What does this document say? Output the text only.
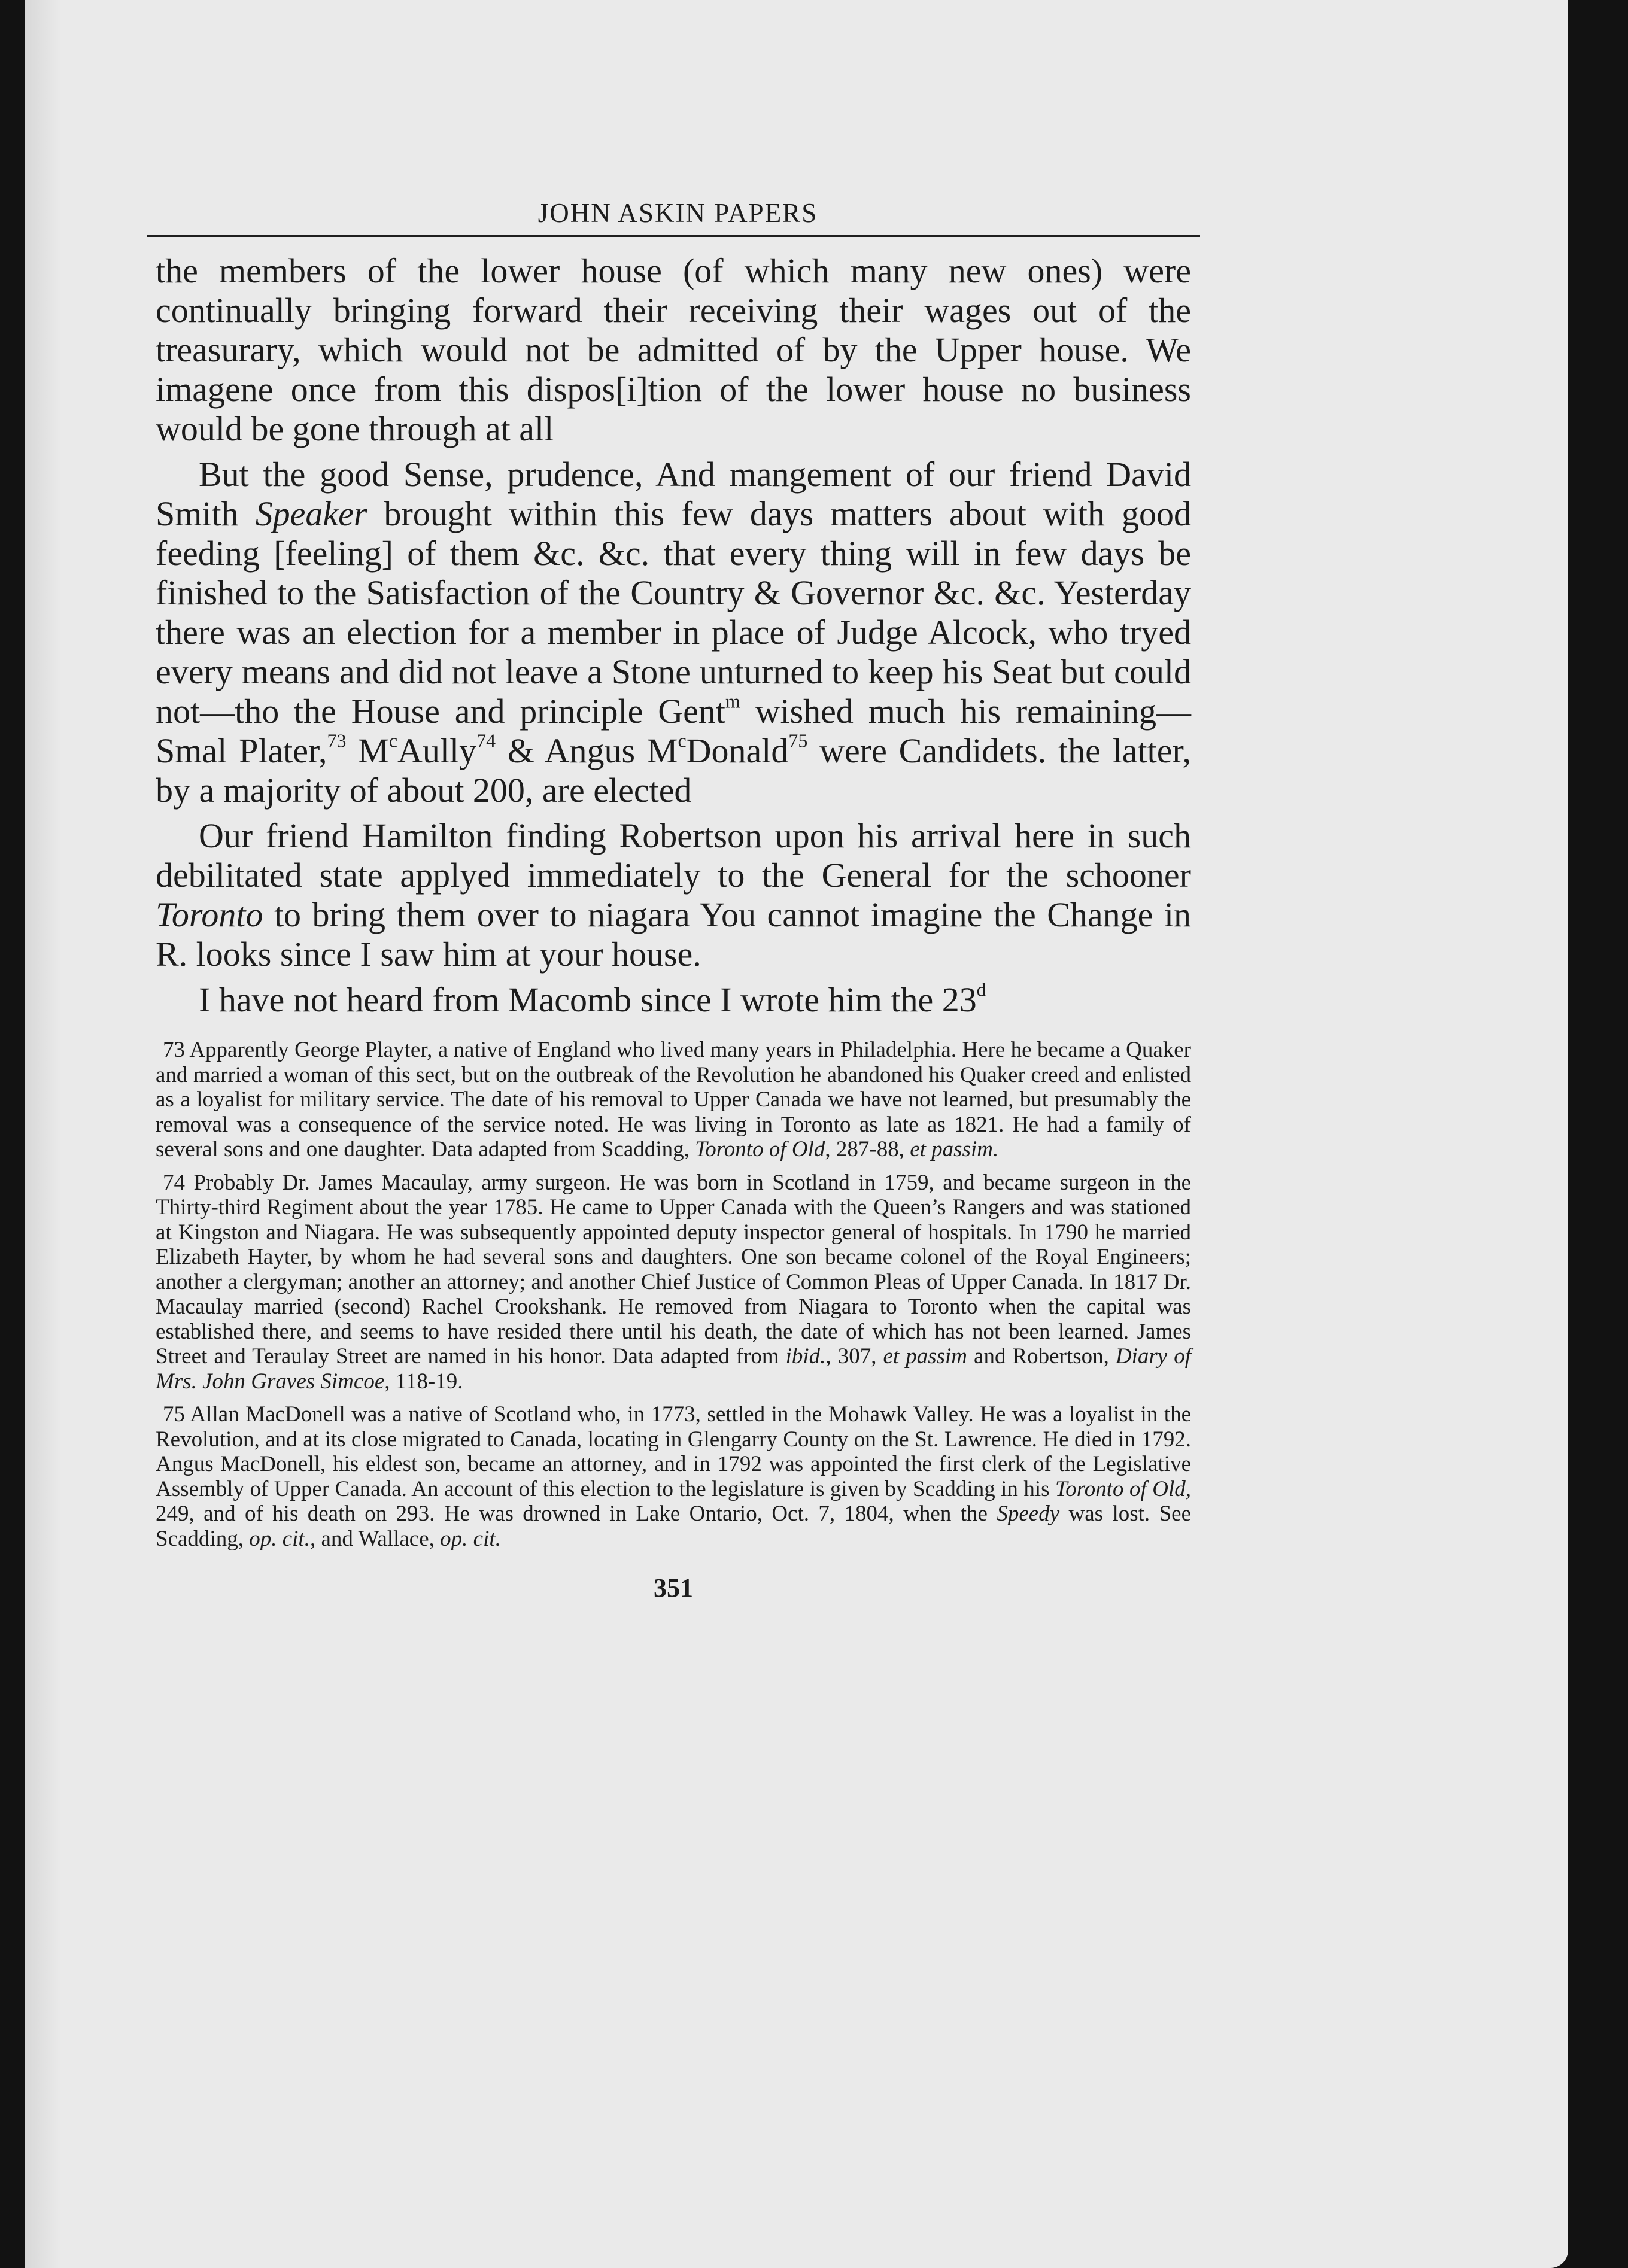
JOHN ASKIN PAPERS

the members of the lower house (of which many new ones) were continually bringing forward their receiving their wages out of the treasurary, which would not be admitted of by the Upper house. We imagene once from this dispos[i]tion of the lower house no business would be gone through at all

But the good Sense, prudence, And mangement of our friend David Smith Speaker brought within this few days matters about with good feeding [feeling] of them &c. &c. that every thing will in few days be finished to the Satisfaction of the Country & Governor &c. &c. Yesterday there was an election for a member in place of Judge Alcock, who tryed every means and did not leave a Stone unturned to keep his Seat but could not—tho the House and principle Gent$^m$ wished much his remaining—Smal Plater,$^{73}$ $M^cAully^{74}$ & Angus $M^cDonald^{75}$ were Candidets. the latter, by a majority of about 200, are elected

Our friend Hamilton finding Robertson upon his arrival here in such debilitated state applyed immediately to the General for the schooner Toronto to bring them over to niagara You cannot imagine the Change in R. looks since I saw him at your house.

I have not heard from Macomb since I wrote him the 23$^d$

73 Apparently George Playter, a native of England who lived many years in Philadelphia. Here he became a Quaker and married a woman of this sect, but on the outbreak of the Revolution he abandoned his Quaker creed and enlisted as a loyalist for military service. The date of his removal to Upper Canada we have not learned, but presumably the removal was a consequence of the service noted. He was living in Toronto as late as 1821. He had a family of several sons and one daughter. Data adapted from Scadding, Toronto of Old, 287-88, et passim.

74 Probably Dr. James Macaulay, army surgeon. He was born in Scotland in 1759, and became surgeon in the Thirty-third Regiment about the year 1785. He came to Upper Canada with the Queen’s Rangers and was stationed at Kingston and Niagara. He was subsequently appointed deputy inspector general of hospitals. In 1790 he married Elizabeth Hayter, by whom he had several sons and daughters. One son became colonel of the Royal Engineers; another a clergyman; another an attorney; and another Chief Justice of Common Pleas of Upper Canada. In 1817 Dr. Macaulay married (second) Rachel Crookshank. He removed from Niagara to Toronto when the capital was established there, and seems to have resided there until his death, the date of which has not been learned. James Street and Teraulay Street are named in his honor. Data adapted from ibid., 307, et passim and Robertson, Diary of Mrs. John Graves Simcoe, 118-19.

75 Allan MacDonell was a native of Scotland who, in 1773, settled in the Mohawk Valley. He was a loyalist in the Revolution, and at its close migrated to Canada, locating in Glengarry County on the St. Lawrence. He died in 1792. Angus MacDonell, his eldest son, became an attorney, and in 1792 was appointed the first clerk of the Legislative Assembly of Upper Canada. An account of this election to the legislature is given by Scadding in his Toronto of Old, 249, and of his death on 293. He was drowned in Lake Ontario, Oct. 7, 1804, when the Speedy was lost. See Scadding, op. cit., and Wallace, op. cit.

351
